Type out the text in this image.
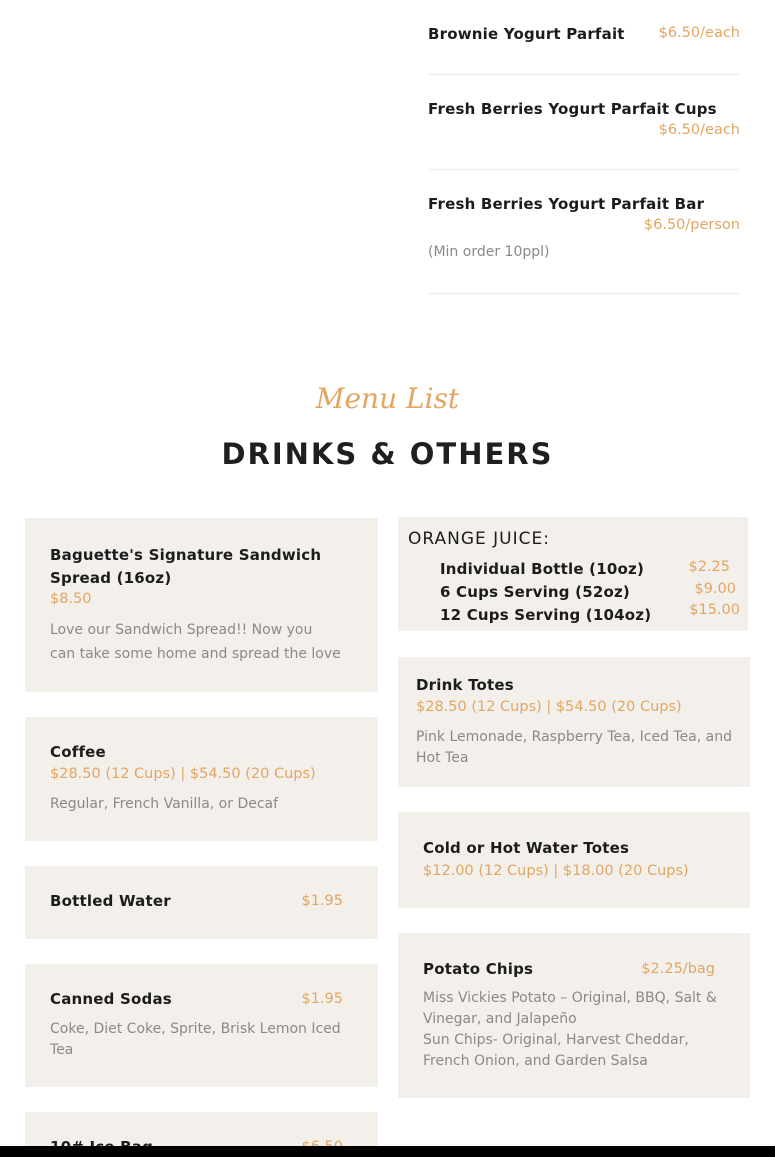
Brownie Yogurt Parfait $6.50/each
Fresh Berries Yogurt Parfait Cups
$6.50/each
Fresh Berries Yogurt Parfait Bar
$6.50/person
(Min order 10ppl)
Menu List
DRINKS & OTHERS
Baguette's Signature Sandwich
Spread (16oz)
$8.50
Love our Sandwich Spread!! Now you
can take some home and spread the love
Coffee
$28.50 (12 Cups) | $54.50 (20 Cups)
Regular, French Vanilla, or Decaf
Bottled Water	$1.95
Canned Sodas	$1.95
Coke, Diet Coke, Sprite, Brisk Lemon Iced
Tea
ORANGE JUICE:
Individual Bottle (10oz)	$2.25
6 Cups Serving (52oz)	$9.00
12 Cups Serving (104oz)	$15.00
Drink Totes
$28.50 (12 Cups) | $54.50 (20 Cups)
Pink Lemonade, Raspberry Tea, Iced Tea, and
Hot Tea
Cold or Hot Water Totes
$12.00 (12 Cups) | $18.00 (20 Cups)
Potato Chips	$2.25/bag
Miss Vickies Potato – Original, BBQ, Salt &
Vinegar, and Jalapeño
Sun Chips- Original, Harvest Cheddar,
French Onion, and Garden Salsa
